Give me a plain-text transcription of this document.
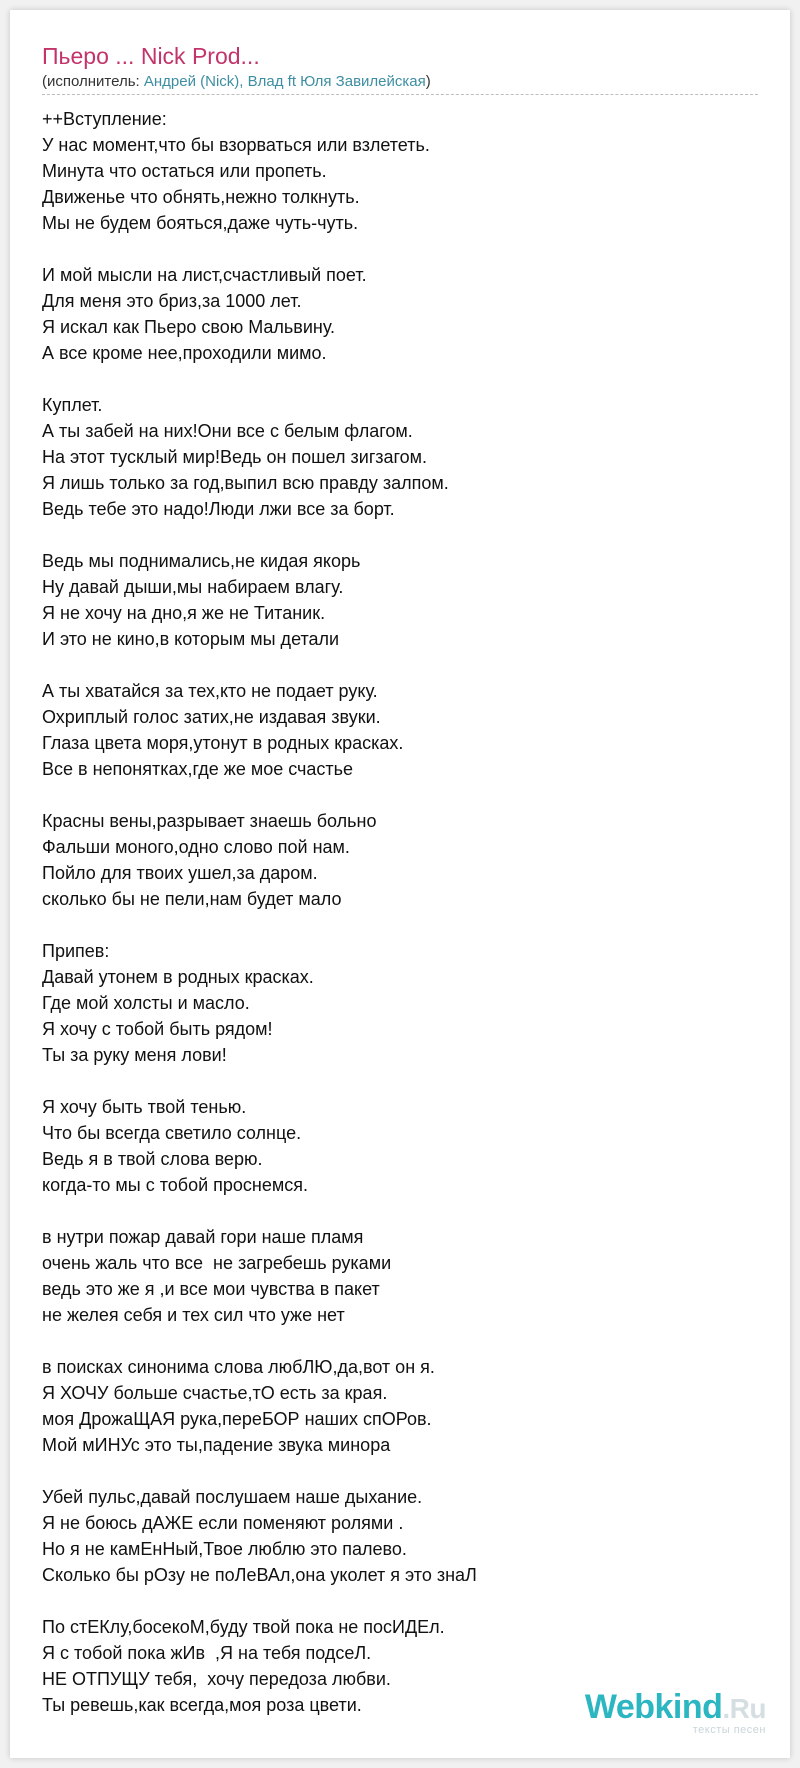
Пьеро ... Nick Prod...
(исполнитель: Андрей (Nick), Влад ft Юля Завилейская)
++Вступление:
У нас момент,что бы взорваться или взлететь.
Минута что остаться или пропеть.
Движенье что обнять,нежно толкнуть.
Мы не будем бояться,даже чуть-чуть.
И мой мысли на лист,счастливый поет.
Для меня это бриз,за 1000 лет.
Я искал как Пьеро свою Мальвину.
А все кроме нее,проходили мимо.
Куплет.
А ты забей на них!Они все с белым флагом.
На этот тусклый мир!Ведь он пошел зигзагом.
Я лишь только за год,выпил всю правду залпом.
Ведь тебе это надо!Люди лжи все за борт.
Ведь мы поднимались,не кидая якорь
Ну давай дыши,мы набираем влагу.
Я не хочу на дно,я же не Титаник.
И это не кино,в которым мы детали
А ты хватайся за тех,кто не подает руку.
Охриплый голос затих,не издавая звуки.
Глаза цвета моря,утонут в родных красках.
Все в непонятках,где же мое счастье
Красны вены,разрывает знаешь больно
Фальши моного,одно слово пой нам.
Пойло для твоих ушел,за даром.
сколько бы не пели,нам будет мало
Припев:
Давай утонем в родных красках.
Где мой холсты и масло.
Я хочу с тобой быть рядом!
Ты за руку меня лови!
Я хочу быть твой тенью.
Что бы всегда светило солнце.
Ведь я в твой слова верю.
когда-то мы с тобой проснемся.
в нутри пожар давай гори наше пламя
очень жаль что все  не загребешь руками
ведь это же я ,и все мои чувства в пакет
не желея себя и тех сил что уже нет
в поисках синонима слова любЛЮ,да,вот он я.
Я ХОЧУ больше счастье,тО есть за края.
моя ДрожаЩАЯ рука,переБОР наших спОРов.
Мой мИНУс это ты,падение звука минора
Убей пульс,давай послушаем наше дыхание.
Я не боюсь дАЖЕ если поменяют ролями .
Но я не камЕнНый,Твое люблю это палево.
Сколько бы рОзу не поЛеВАл,она уколет я это знаЛ
По стЕКлу,босекоМ,буду твой пока не посИДЕл.
Я с тобой пока жИв  ,Я на тебя подсеЛ.
НЕ ОТПУЩУ тебя,  хочу передоза любви.
Ты ревешь,как всегда,моя роза цвети.	Webkind.Ru
тексты песен
